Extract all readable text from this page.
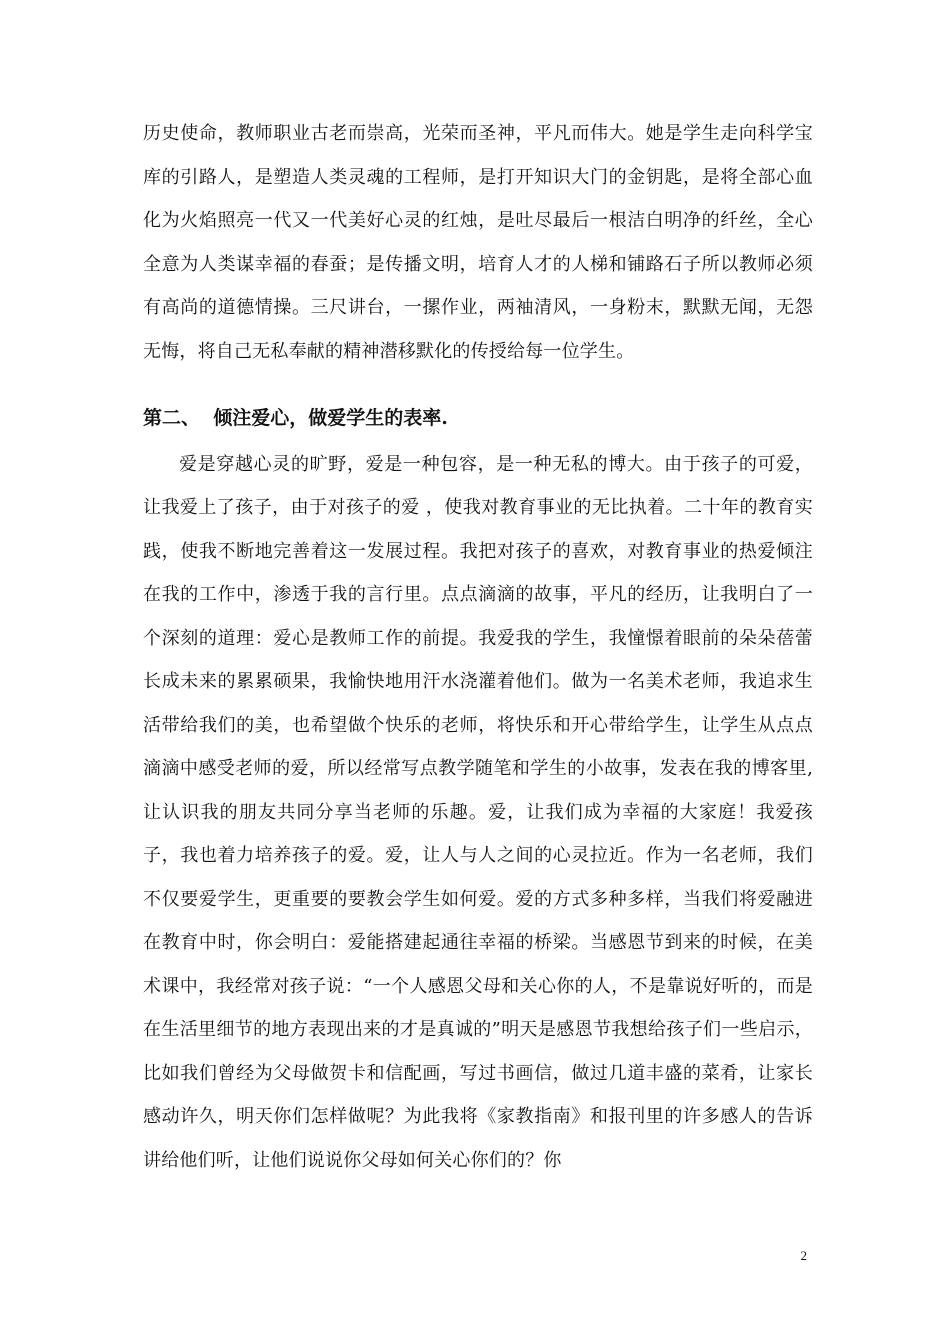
历史使命，教师职业古老而崇高，光荣而圣神，平凡而伟大。她是学生走向科学宝库的引路人，是塑造人类灵魂的工程师，是打开知识大门的金钥匙，是将全部心血化为火焰照亮一代又一代美好心灵的红烛，是吐尽最后一根洁白明净的纤丝，全心全意为人类谋幸福的春蚕；是传播文明，培育人才的人梯和铺路石子所以教师必须有高尚的道德情操。三尺讲台，一摞作业，两袖清风，一身粉末，默默无闻，无怨无悔，将自己无私奉献的精神潜移默化的传授给每一位学生。

第二、  倾注爱心，做爱学生的表率.

爱是穿越心灵的旷野，爱是一种包容，是一种无私的博大。由于孩子的可爱，让我爱上了孩子，由于对孩子的爱 ，使我对教育事业的无比执着。二十年的教育实践，使我不断地完善着这一发展过程。我把对孩子的喜欢，对教育事业的热爱倾注在我的工作中，渗透于我的言行里。点点滴滴的故事，平凡的经历，让我明白了一个深刻的道理：爱心是教师工作的前提。我爱我的学生，我憧憬着眼前的朵朵蓓蕾长成未来的累累硕果，我愉快地用汗水浇灌着他们。做为一名美术老师，我追求生活带给我们的美，也希望做个快乐的老师，将快乐和开心带给学生，让学生从点点滴滴中感受老师的爱，所以经常写点教学随笔和学生的小故事，发表在我的博客里,让认识我的朋友共同分享当老师的乐趣。爱，让我们成为幸福的大家庭！我爱孩子，我也着力培养孩子的爱。爱，让人与人之间的心灵拉近。作为一名老师，我们不仅要爱学生，更重要的要教会学生如何爱。爱的方式多种多样，当我们将爱融进在教育中时，你会明白：爱能搭建起通往幸福的桥梁。当感恩节到来的时候，在美术课中，我经常对孩子说：“一个人感恩父母和关心你的人，不是靠说好听的，而是在生活里细节的地方表现出来的才是真诚的”明天是感恩节我想给孩子们一些启示，比如我们曾经为父母做贺卡和信配画，写过书画信，做过几道丰盛的菜肴，让家长感动许久，明天你们怎样做呢？为此我将《家教指南》和报刊里的许多感人的告诉讲给他们听，让他们说说你父母如何关心你们的？你

2
